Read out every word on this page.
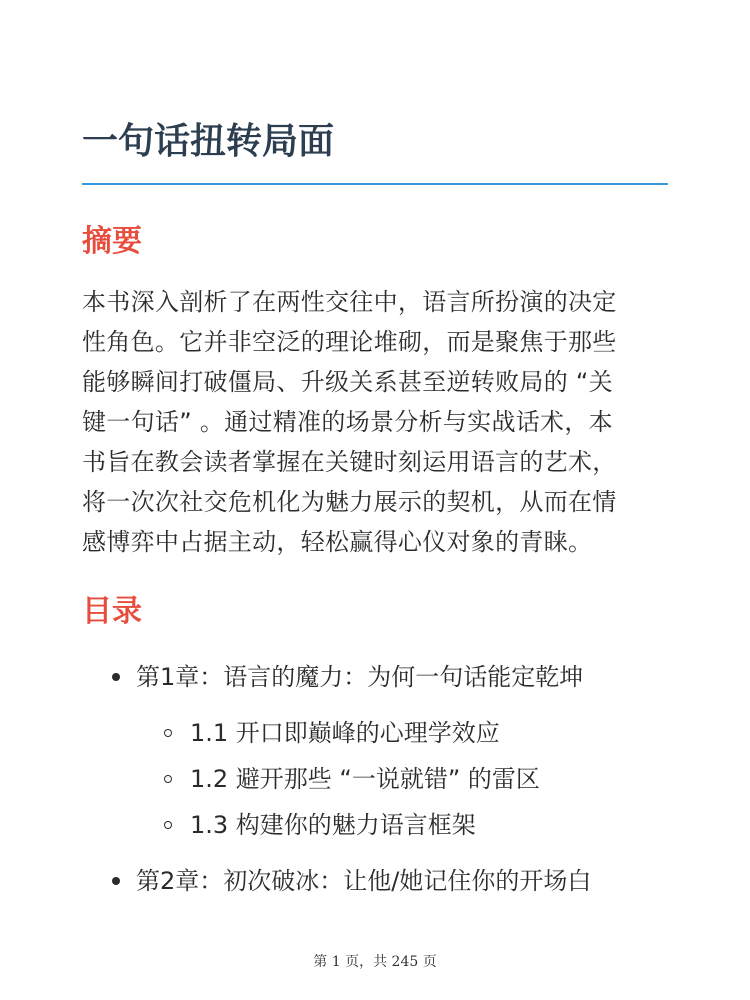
一句话扭转局面
摘要

本书深入剖析了在两性交往中，语言所扮演的决定
性角色。它并非空泛的理论堆砌，而是聚焦于那些
能够瞬间打破僵局、升级关系甚至逆转败局的 “关
键一句话” 。通过精准的场景分析与实战话术，本
书旨在教会读者掌握在关键时刻运用语言的艺术，
将一次次社交危机化为魅力展示的契机，从而在情
感博弈中占据主动，轻松赢得心仪对象的青睐。

目录
第1章：语言的魔力：为何一句话能定乾坤
1.1 开口即巅峰的心理学效应
1.2 避开那些 “一说就错” 的雷区
1.3 构建你的魅力语言框架
第2章：初次破冰：让他/她记住你的开场白
第 1 页，共 245 页
